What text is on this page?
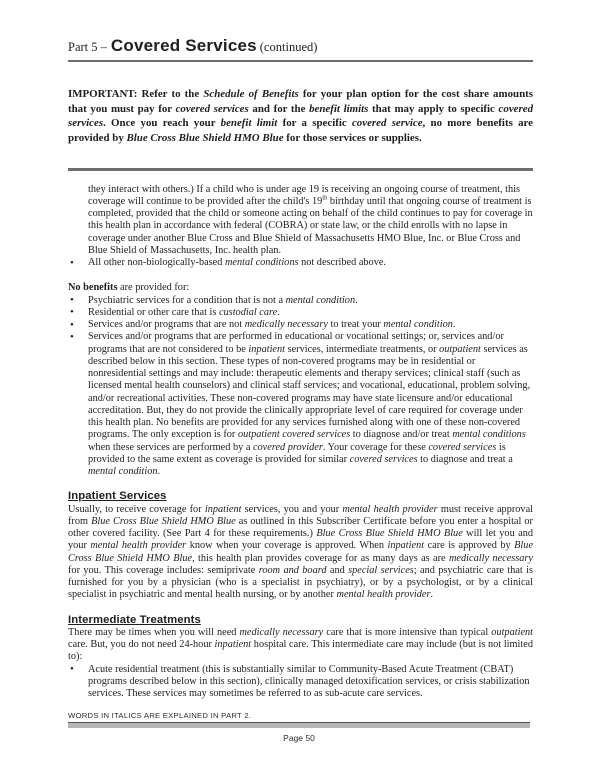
Part 5 – Covered Services (continued)

IMPORTANT: Refer to the Schedule of Benefits for your plan option for the cost share amounts that you must pay for covered services and for the benefit limits that may apply to specific covered services. Once you reach your benefit limit for a specific covered service, no more benefits are provided by Blue Cross Blue Shield HMO Blue for those services or supplies.

they interact with others.) If a child who is under age 19 is receiving an ongoing course of treatment, this coverage will continue to be provided after the child's 19th birthday until that ongoing course of treatment is completed, provided that the child or someone acting on behalf of the child continues to pay for coverage in this health plan in accordance with federal (COBRA) or state law, or the child enrolls with no lapse in coverage under another Blue Cross and Blue Shield of Massachusetts HMO Blue, Inc. or Blue Cross and Blue Shield of Massachusetts, Inc. health plan.

• All other non-biologically-based mental conditions not described above.

No benefits are provided for:

• Psychiatric services for a condition that is not a mental condition.
• Residential or other care that is custodial care.
• Services and/or programs that are not medically necessary to treat your mental condition.
• Services and/or programs that are performed in educational or vocational settings; or, services and/or programs that are not considered to be inpatient services, intermediate treatments, or outpatient services as described below in this section. These types of non-covered programs may be in residential or nonresidential settings and may include: therapeutic elements and therapy services; clinical staff (such as licensed mental health counselors) and clinical staff services; and vocational, educational, problem solving, and/or recreational activities. These non-covered programs may have state licensure and/or educational accreditation. But, they do not provide the clinically appropriate level of care required for coverage under this health plan. No benefits are provided for any services furnished along with one of these non-covered programs. The only exception is for outpatient covered services to diagnose and/or treat mental conditions when these services are performed by a covered provider. Your coverage for these covered services is provided to the same extent as coverage is provided for similar covered services to diagnose and treat a mental condition.
Inpatient Services

Usually, to receive coverage for inpatient services, you and your mental health provider must receive approval from Blue Cross Blue Shield HMO Blue as outlined in this Subscriber Certificate before you enter a hospital or other covered facility. (See Part 4 for these requirements.) Blue Cross Blue Shield HMO Blue will let you and your mental health provider know when your coverage is approved. When inpatient care is approved by Blue Cross Blue Shield HMO Blue, this health plan provides coverage for as many days as are medically necessary for you. This coverage includes: semiprivate room and board and special services; and psychiatric care that is furnished for you by a physician (who is a specialist in psychiatry), or by a psychologist, or by a clinical specialist in psychiatric and mental health nursing, or by another mental health provider.

Intermediate Treatments

There may be times when you will need medically necessary care that is more intensive than typical outpatient care. But, you do not need 24-hour inpatient hospital care. This intermediate care may include (but is not limited to):

• Acute residential treatment (this is substantially similar to Community-Based Acute Treatment (CBAT) programs described below in this section), clinically managed detoxification services, or crisis stabilization services. These services may sometimes be referred to as sub-acute care services.
WORDS IN ITALICS ARE EXPLAINED IN PART 2.
Page 50
